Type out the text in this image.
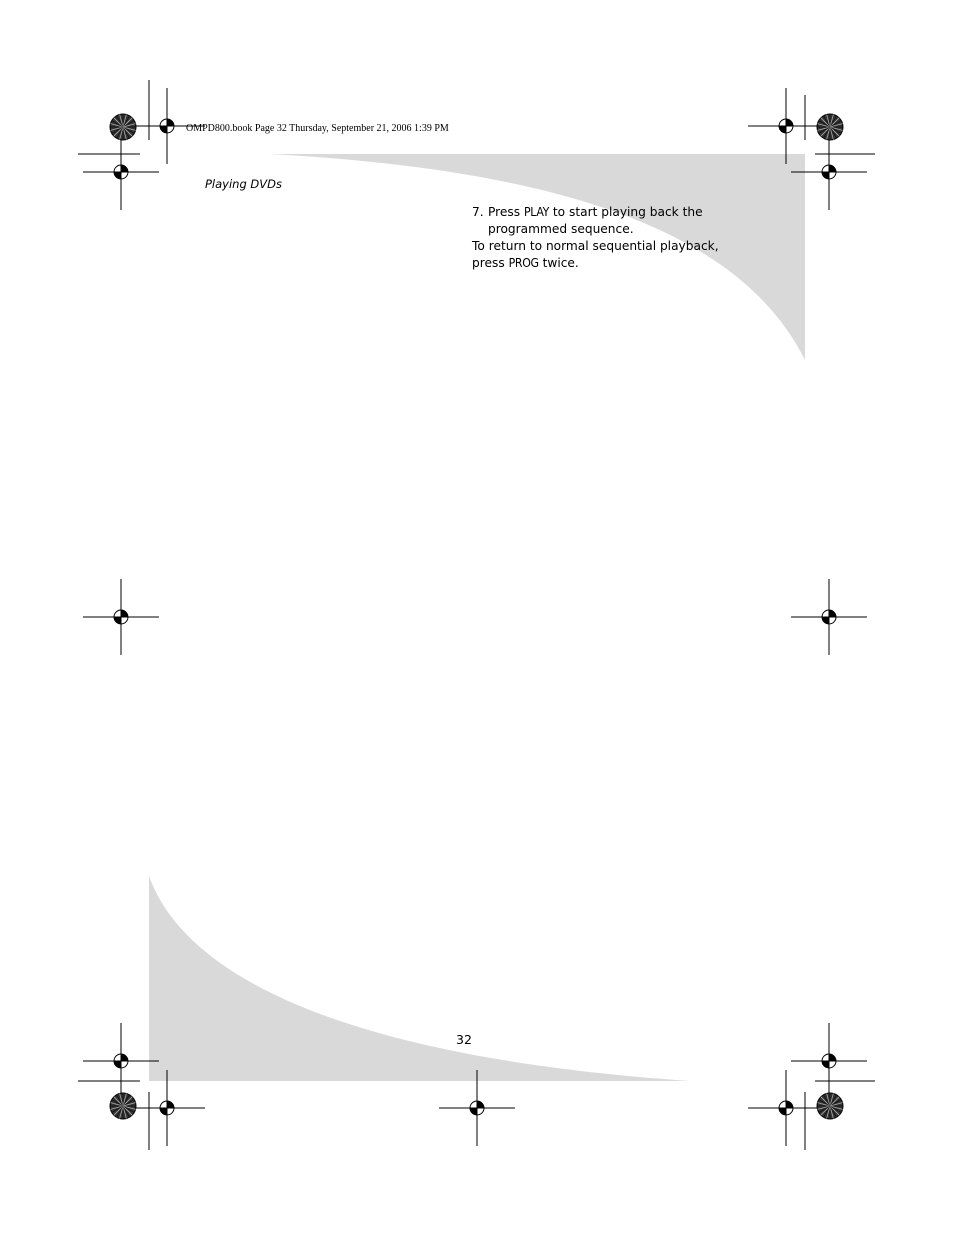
OMPD800.book Page 32 Thursday, September 21, 2006 1:39 PM
Playing DVDs

7. Press PLAY to start playing back the
programmed sequence.

To return to normal sequential playback,
press PROG twice.

32
